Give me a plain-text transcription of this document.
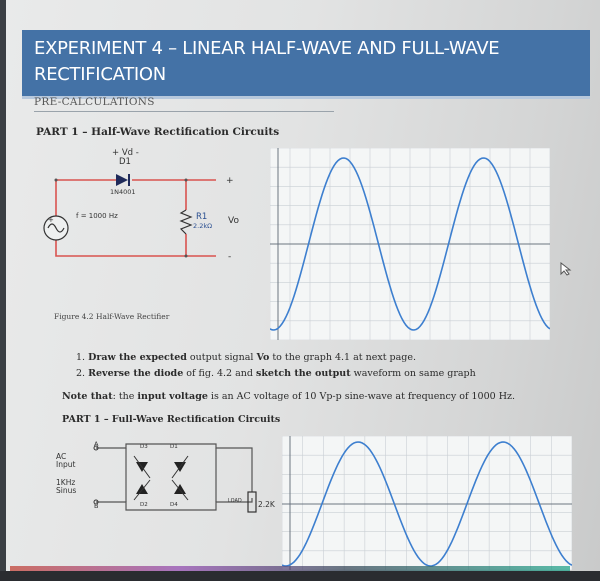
EXPERIMENT 4 – LINEAR HALF-WAVE AND FULL-WAVE
RECTIFICATION
PRE-CALCULATIONS
PART 1 – Half-Wave Rectification Circuits
+ Vd -
D1
1N4001
f = 1000 Hz
+	R1
2.2kΩ Vo
+
-
Figure 4.2 Half-Wave Rectifier
1. Draw the expected output signal Vo to the graph 4.1 at next page.
2. Reverse the diode of fig. 4.2 and sketch the output waveform on same graph
Note that: the input voltage is an AC voltage of 10 Vp-p sine-wave at frequency of 1000 Hz.
PART 1 – Full-Wave Rectification Circuits
AC
Input
1KHz
Sinus
A
B
D3	D1
D2	D4
LOAD 2.2K
